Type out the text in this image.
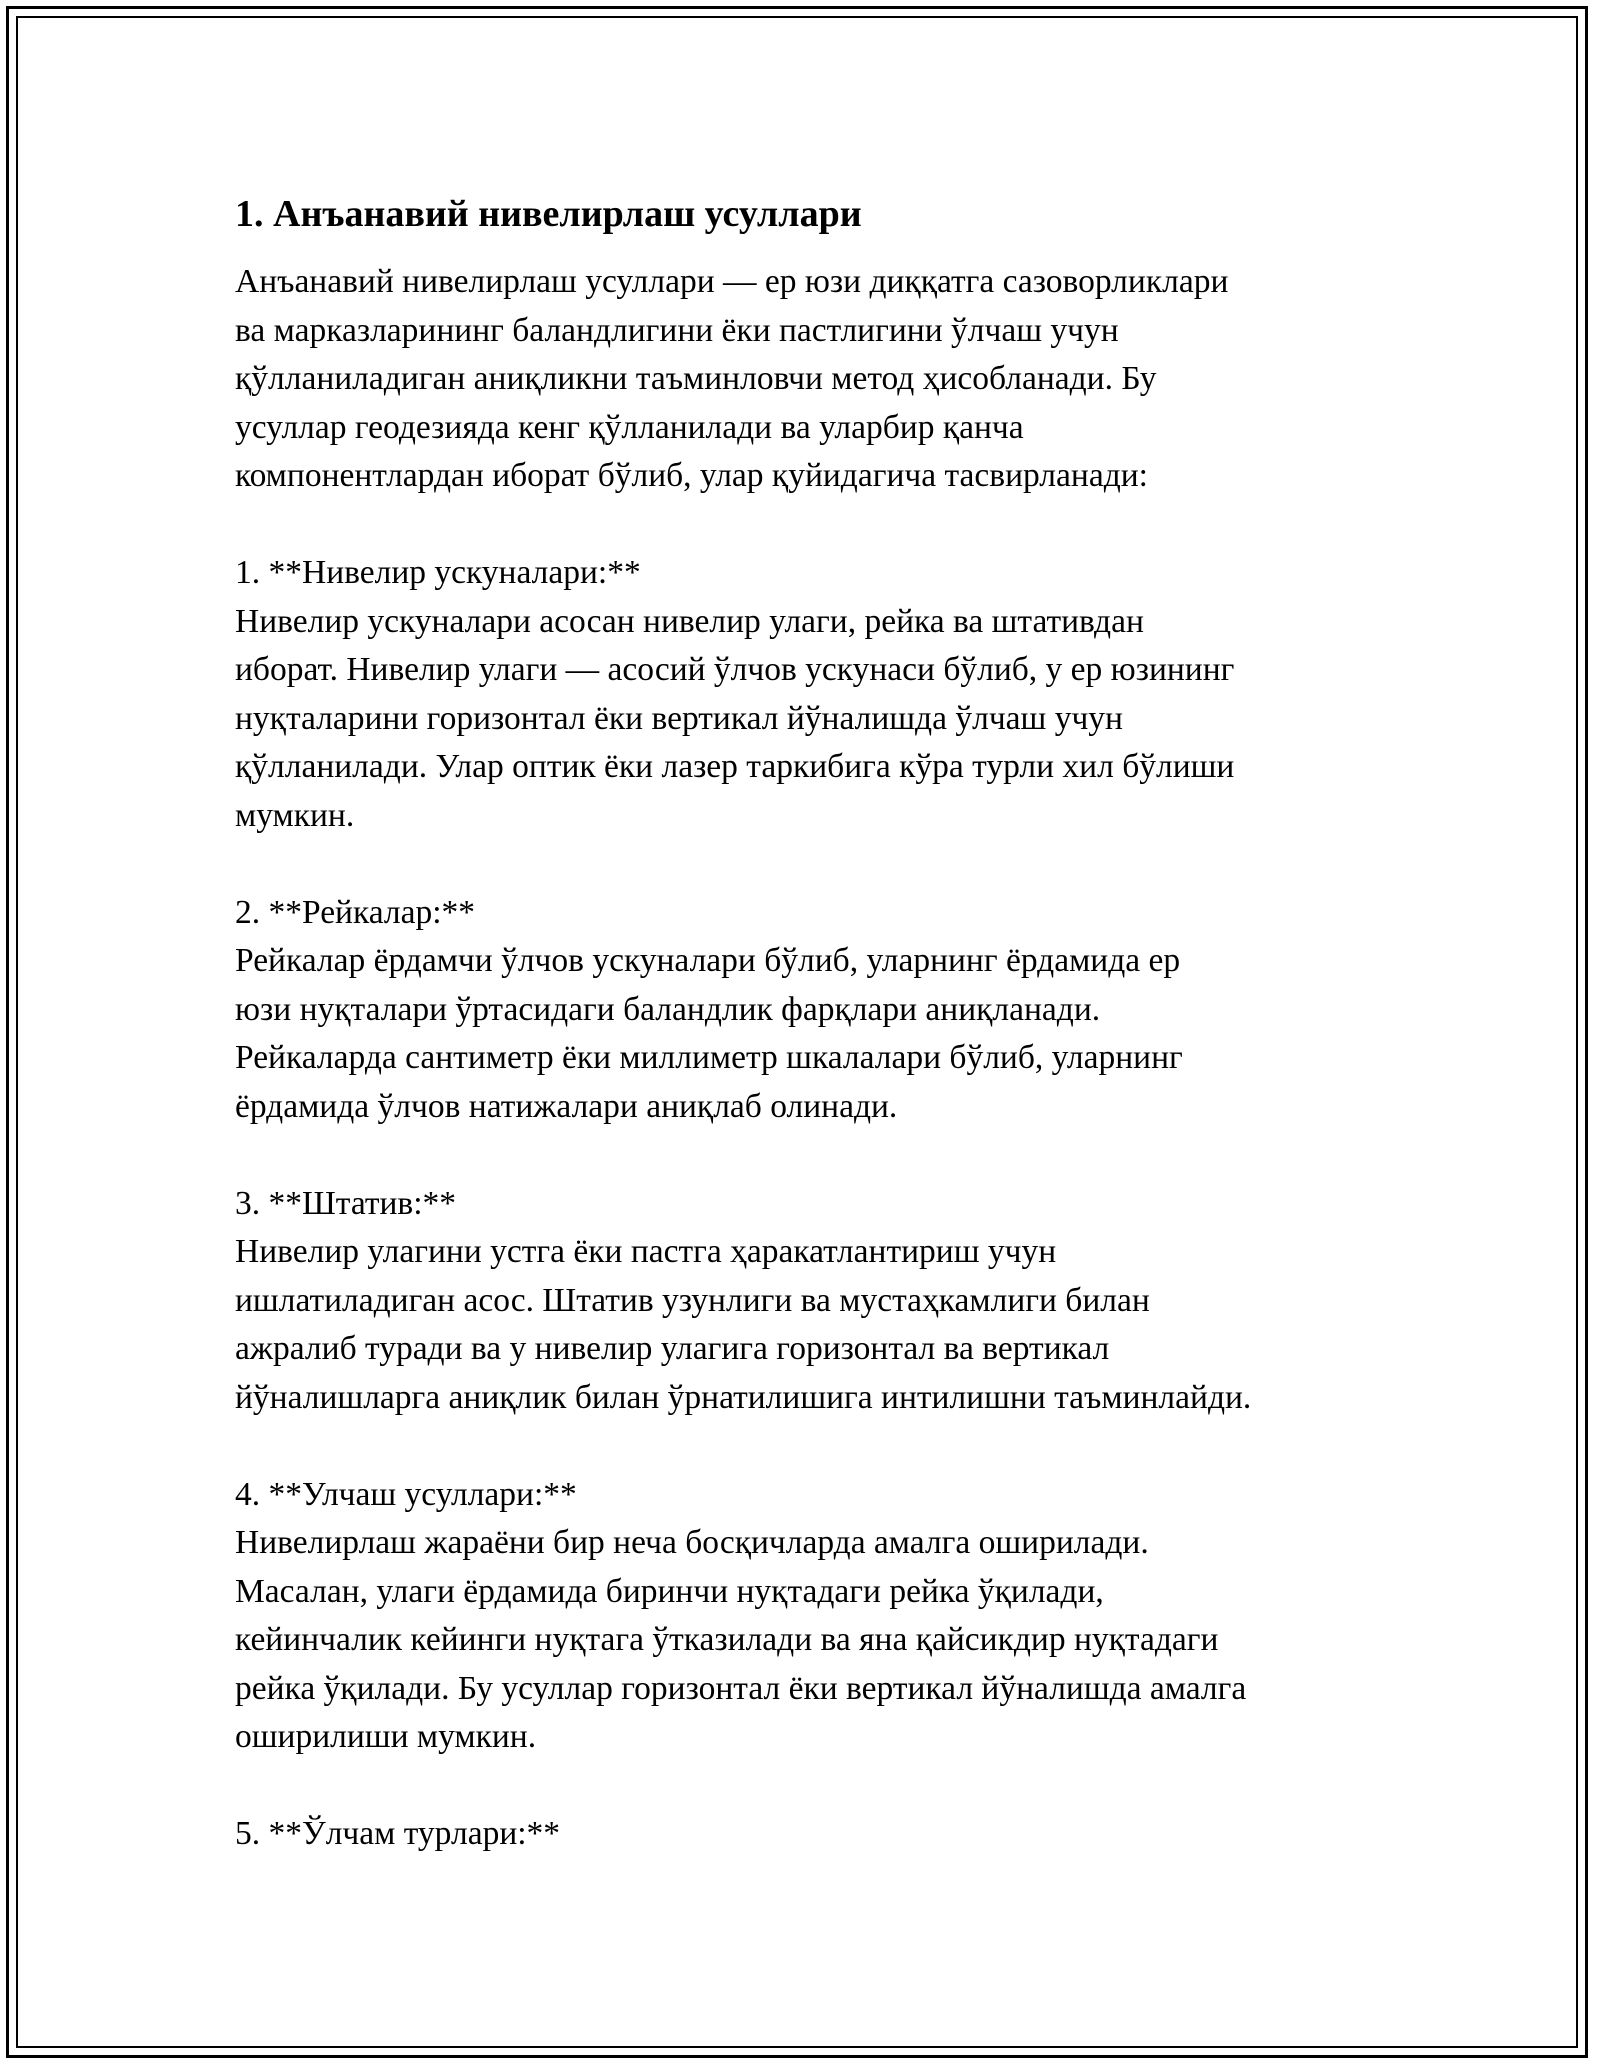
1. Анъанавий нивелирлаш усуллари

Анъанавий нивелирлаш усуллари — ер юзи диққатга сазоворликлари
ва марказларининг баландлигини ёки пастлигини ўлчаш учун
қўлланиладиган аниқликни таъминловчи метод ҳисобланади. Бу
усуллар геодезияда кенг қўлланилади ва уларбир қанча
компонентлардан иборат бўлиб, улар қуйидагича тасвирланади:

1. **Нивелир ускуналари:**
Нивелир ускуналари асосан нивелир улаги, рейка ва штативдан
иборат. Нивелир улаги — асосий ўлчов ускунаси бўлиб, у ер юзининг
нуқталарини горизонтал ёки вертикал йўналишда ўлчаш учун
қўлланилади. Улар оптик ёки лазер таркибига кўра турли хил бўлиши
мумкин.
2. **Рейкалар:**
Рейкалар ёрдамчи ўлчов ускуналари бўлиб, уларнинг ёрдамида ер
юзи нуқталари ўртасидаги баландлик фарқлари аниқланади.
Рейкаларда сантиметр ёки миллиметр шкалалари бўлиб, уларнинг
ёрдамида ўлчов натижалари аниқлаб олинади.
3. **Штатив:**
Нивелир улагини устга ёки пастга ҳаракатлантириш учун
ишлатиладиган асос. Штатив узунлиги ва мустаҳкамлиги билан
ажралиб туради ва у нивелир улагига горизонтал ва вертикал
йўналишларга аниқлик билан ўрнатилишига интилишни таъминлайди.
4. **Улчаш усуллари:**
Нивелирлаш жараёни бир неча босқичларда амалга оширилади.
Масалан, улаги ёрдамида биринчи нуқтадаги рейка ўқилади,
кейинчалик кейинги нуқтага ўтказилади ва яна қайсикдир нуқтадаги
рейка ўқилади. Бу усуллар горизонтал ёки вертикал йўналишда амалга
оширилиши мумкин.
5. **Ўлчам турлари:**
